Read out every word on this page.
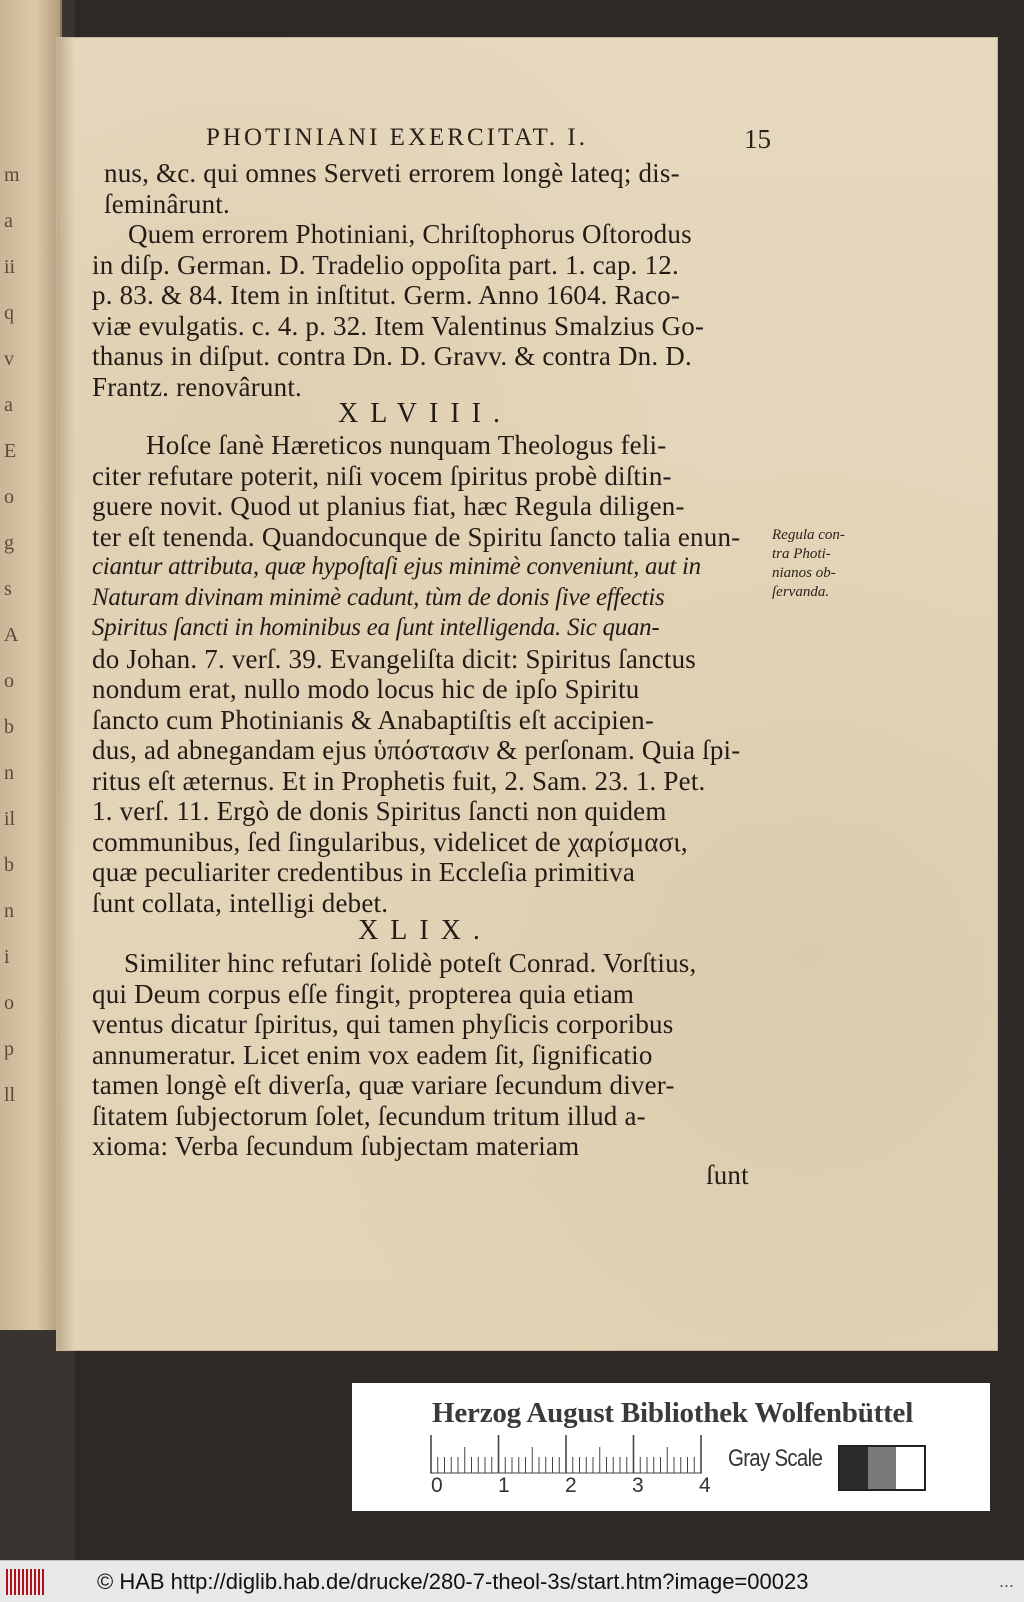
m
a
ii
q
v
a
E
o
g
s
A
o
b
n
il
b
n
i
o
p
ll
PHOTINIANI EXERCITAT. I.	15
nus, &c. qui omnes Serveti errorem longè lateq; dis-
ſeminârunt.
Quem errorem Photiniani, Chriſtophorus Oſtorodus
in diſp. German. D. Tradelio oppoſita part. 1. cap. 12.
p. 83. & 84. Item in inſtitut. Germ. Anno 1604. Raco-
viæ evulgatis. c. 4. p. 32. Item Valentinus Smalzius Go-
thanus in diſput. contra Dn. D. Gravv. & contra Dn. D.
Frantz. renovârunt.
Hoſce ſanè Hæreticos nunquam Theologus feli-
citer refutare poterit, niſi vocem ſpiritus probè diſtin-
guere novit. Quod ut planius fiat, hæc Regula diligen-
ter eſt tenenda. Quandocunque de Spiritu ſancto talia enun-
ciantur attributa, quæ hypoſtaſi ejus minimè conveniunt, aut in
Naturam divinam minimè cadunt, tùm de donis ſive effectis
Spiritus ſancti in hominibus ea ſunt intelligenda. Sic quan-
do Johan. 7. verſ. 39. Evangeliſta dicit: Spiritus ſanctus
nondum erat, nullo modo locus hic de ipſo Spiritu
ſancto cum Photinianis & Anabaptiſtis eſt accipien-
dus, ad abnegandam ejus ὑπόστασιν & perſonam. Quia ſpi-
ritus eſt æternus. Et in Prophetis fuit, 2. Sam. 23. 1. Pet.
1. verſ. 11. Ergò de donis Spiritus ſancti non quidem
communibus, ſed ſingularibus, videlicet de χαρίσμασι,
quæ peculiariter credentibus in Eccleſia primitiva
ſunt collata, intelligi debet.
Similiter hinc refutari ſolidè poteſt Conrad. Vorſtius,
qui Deum corpus eſſe fingit, propterea quia etiam
ventus dicatur ſpiritus, qui tamen phyſicis corporibus
annumeratur. Licet enim vox eadem ſit, ſignificatio
tamen longè eſt diverſa, quæ variare ſecundum diver-
ſitatem ſubjectorum ſolet, ſecundum tritum illud a-
xioma: Verba ſecundum ſubjectam materiam
XLVIII.
XLIX.
Regula con-
tra Photi-
nianos ob-
ſervanda.
ſunt
Herzog August Bibliothek Wolfenbüttel
0	1	2	3	4
Gray Scale
© HAB http://diglib.hab.de/drucke/280-7-theol-3s/start.htm?image=00023	...
